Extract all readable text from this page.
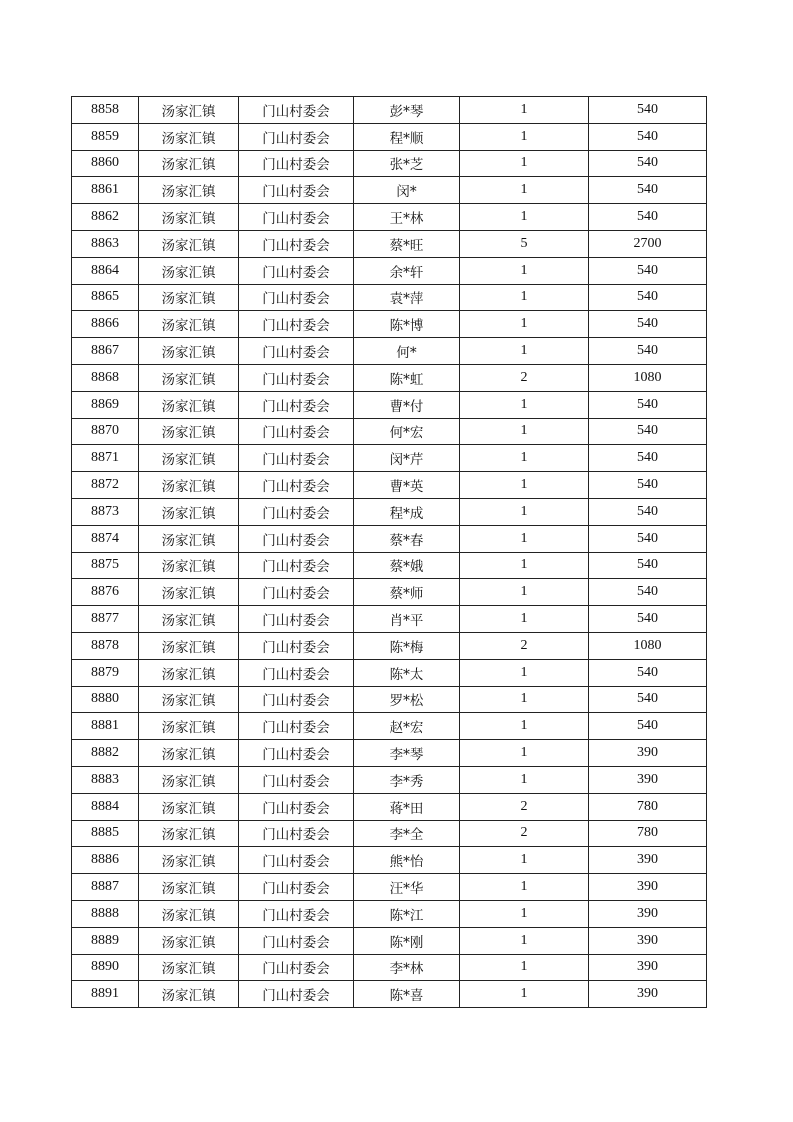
8858	汤家汇镇	门山村委会	彭*琴	1	540
8859	汤家汇镇	门山村委会	程*顺	1	540
8860	汤家汇镇	门山村委会	张*芝	1	540
8861	汤家汇镇	门山村委会	闵*	1	540
8862	汤家汇镇	门山村委会	王*林	1	540
8863	汤家汇镇	门山村委会	蔡*旺	5	2700
8864	汤家汇镇	门山村委会	余*轩	1	540
8865	汤家汇镇	门山村委会	袁*萍	1	540
8866	汤家汇镇	门山村委会	陈*博	1	540
8867	汤家汇镇	门山村委会	何*	1	540
8868	汤家汇镇	门山村委会	陈*虹	2	1080
8869	汤家汇镇	门山村委会	曹*付	1	540
8870	汤家汇镇	门山村委会	何*宏	1	540
8871	汤家汇镇	门山村委会	闵*芹	1	540
8872	汤家汇镇	门山村委会	曹*英	1	540
8873	汤家汇镇	门山村委会	程*成	1	540
8874	汤家汇镇	门山村委会	蔡*春	1	540
8875	汤家汇镇	门山村委会	蔡*娥	1	540
8876	汤家汇镇	门山村委会	蔡*师	1	540
8877	汤家汇镇	门山村委会	肖*平	1	540
8878	汤家汇镇	门山村委会	陈*梅	2	1080
8879	汤家汇镇	门山村委会	陈*太	1	540
8880	汤家汇镇	门山村委会	罗*松	1	540
8881	汤家汇镇	门山村委会	赵*宏	1	540
8882	汤家汇镇	门山村委会	李*琴	1	390
8883	汤家汇镇	门山村委会	李*秀	1	390
8884	汤家汇镇	门山村委会	蒋*田	2	780
8885	汤家汇镇	门山村委会	李*全	2	780
8886	汤家汇镇	门山村委会	熊*怡	1	390
8887	汤家汇镇	门山村委会	汪*华	1	390
8888	汤家汇镇	门山村委会	陈*江	1	390
8889	汤家汇镇	门山村委会	陈*刚	1	390
8890	汤家汇镇	门山村委会	李*林	1	390
8891	汤家汇镇	门山村委会	陈*喜	1	390
